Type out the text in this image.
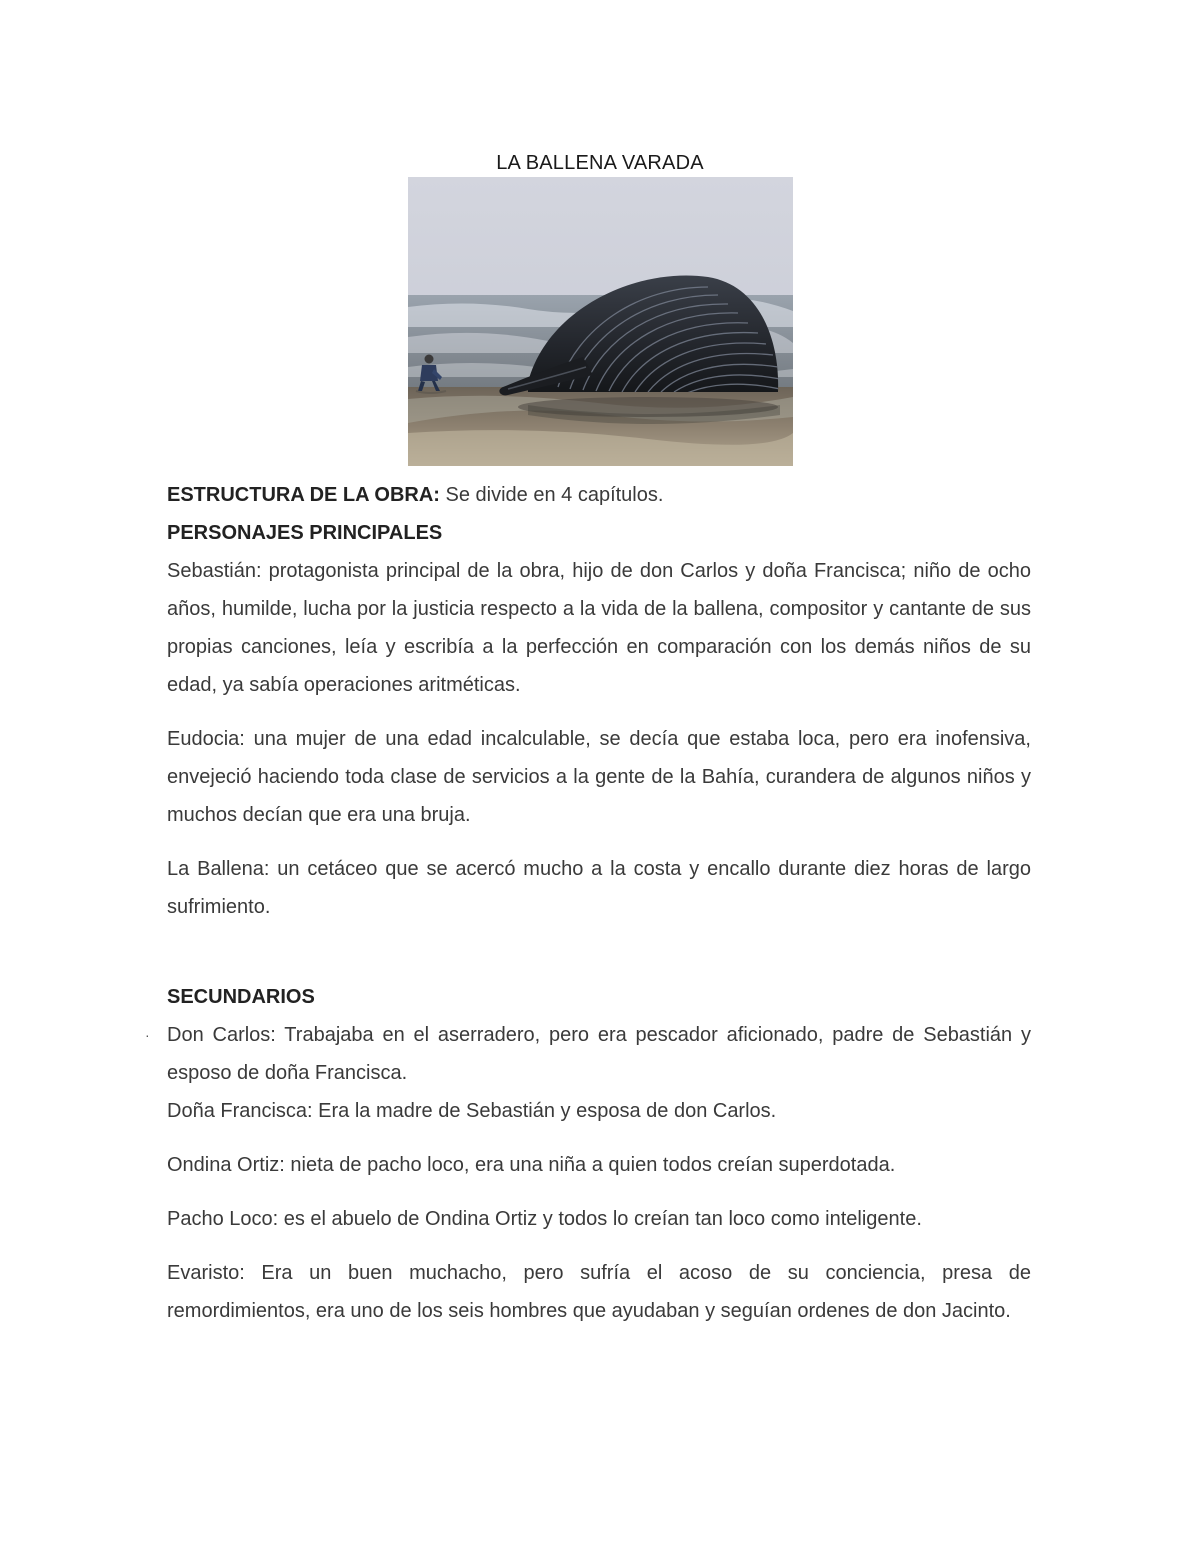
LA BALLENA VARADA

ESTRUCTURA DE LA OBRA: Se divide en 4 capítulos.

PERSONAJES PRINCIPALES

Sebastián: protagonista principal de la obra, hijo de don Carlos y doña Francisca; niño de ocho años, humilde, lucha por la justicia respecto a la vida de la ballena, compositor y cantante de sus propias canciones, leía y escribía a la perfección en comparación con los demás niños de su edad, ya sabía operaciones aritméticas.

Eudocia: una mujer de una edad incalculable, se decía que estaba loca, pero era inofensiva, envejeció haciendo toda clase de servicios a la gente de la Bahía, curandera de algunos niños y muchos decían que era una bruja.

La Ballena: un cetáceo que se acercó mucho a la costa y encallo durante diez horas de largo sufrimiento.

SECUNDARIOS

· Don Carlos: Trabajaba en el aserradero, pero era pescador aficionado, padre de Sebastián y esposo de doña Francisca.

Doña Francisca: Era la madre de Sebastián y esposa de don Carlos.

Ondina Ortiz: nieta de pacho loco, era una niña a quien todos creían superdotada.

Pacho Loco: es el abuelo de Ondina Ortiz y todos lo creían tan loco como inteligente.

Evaristo: Era un buen muchacho, pero sufría el acoso de su conciencia, presa de remordimientos, era uno de los seis hombres que ayudaban y seguían ordenes de don Jacinto.
